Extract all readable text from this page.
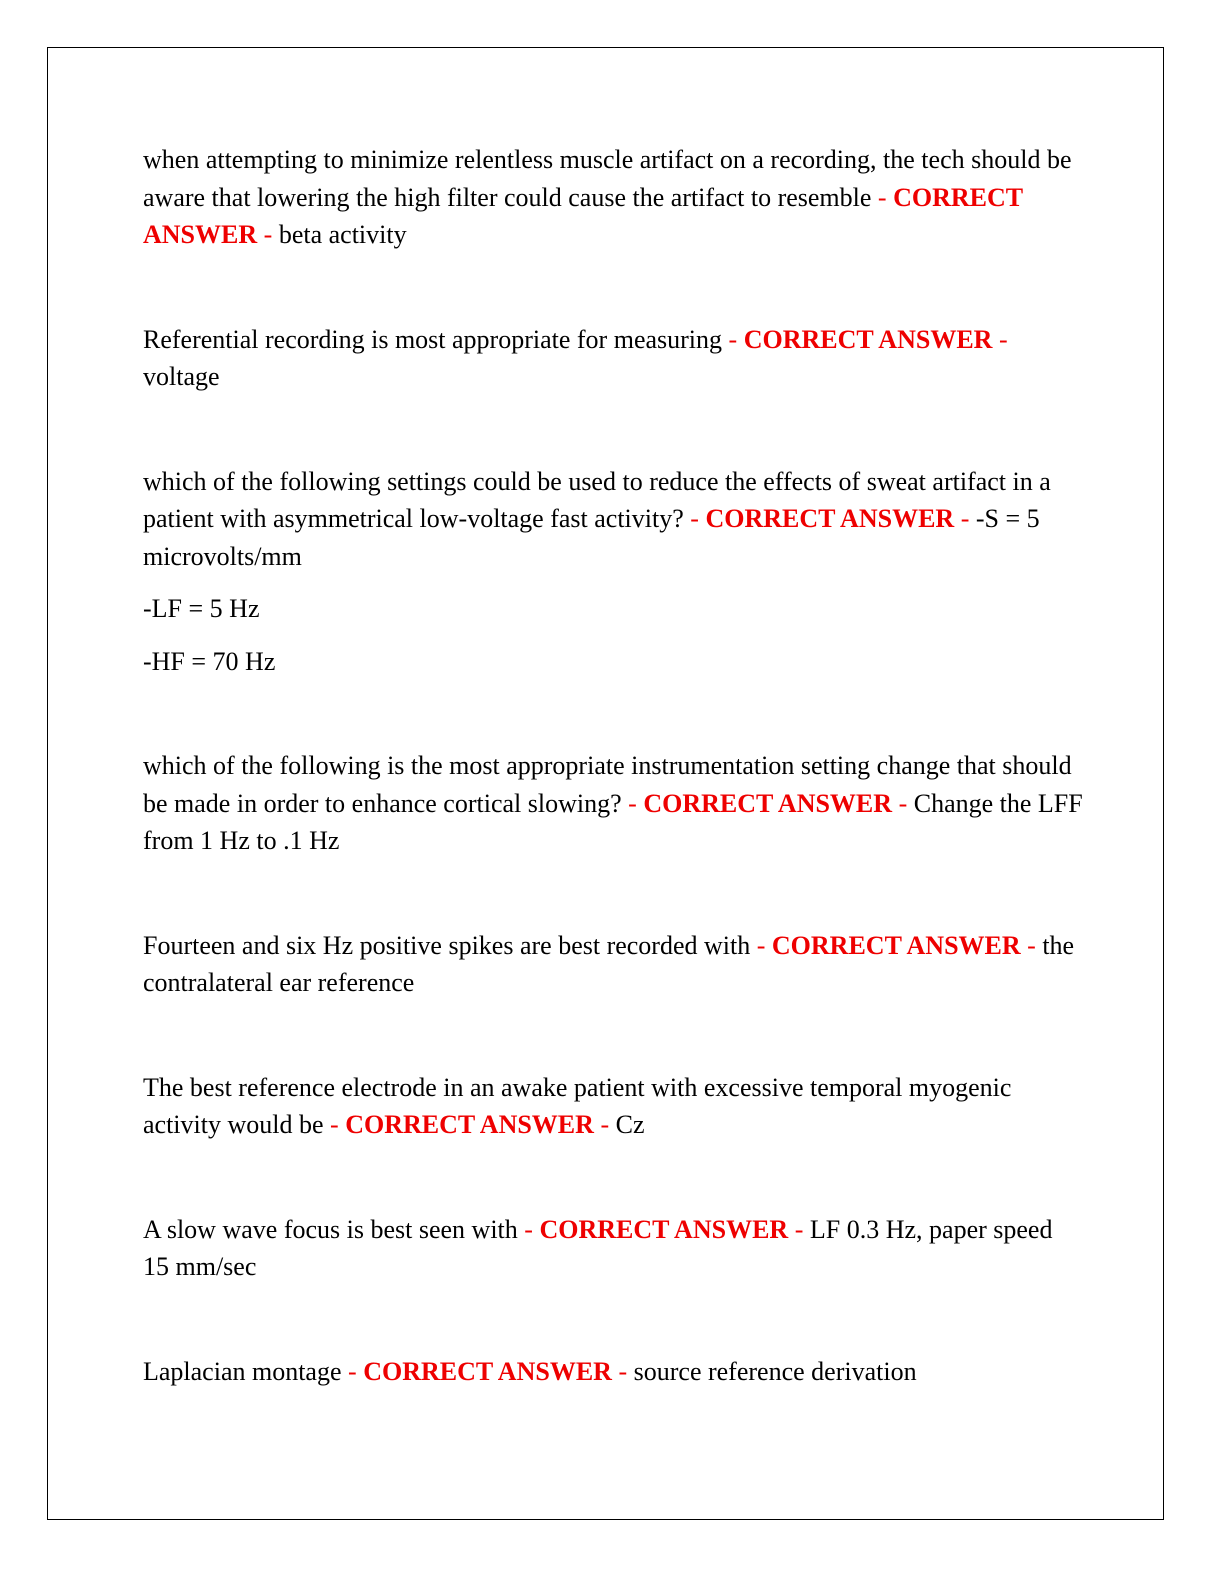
when attempting to minimize relentless muscle artifact on a recording, the tech should be aware that lowering the high filter could cause the artifact to resemble - CORRECT ANSWER - beta activity

Referential recording is most appropriate for measuring - CORRECT ANSWER - voltage

which of the following settings could be used to reduce the effects of sweat artifact in a patient with asymmetrical low-voltage fast activity? - CORRECT ANSWER - -S = 5 microvolts/mm

-LF = 5 Hz

-HF = 70 Hz

which of the following is the most appropriate instrumentation setting change that should be made in order to enhance cortical slowing? - CORRECT ANSWER - Change the LFF from 1 Hz to .1 Hz

Fourteen and six Hz positive spikes are best recorded with - CORRECT ANSWER - the contralateral ear reference

The best reference electrode in an awake patient with excessive temporal myogenic activity would be - CORRECT ANSWER - Cz

A slow wave focus is best seen with - CORRECT ANSWER - LF 0.3 Hz, paper speed 15 mm/sec

Laplacian montage - CORRECT ANSWER - source reference derivation
